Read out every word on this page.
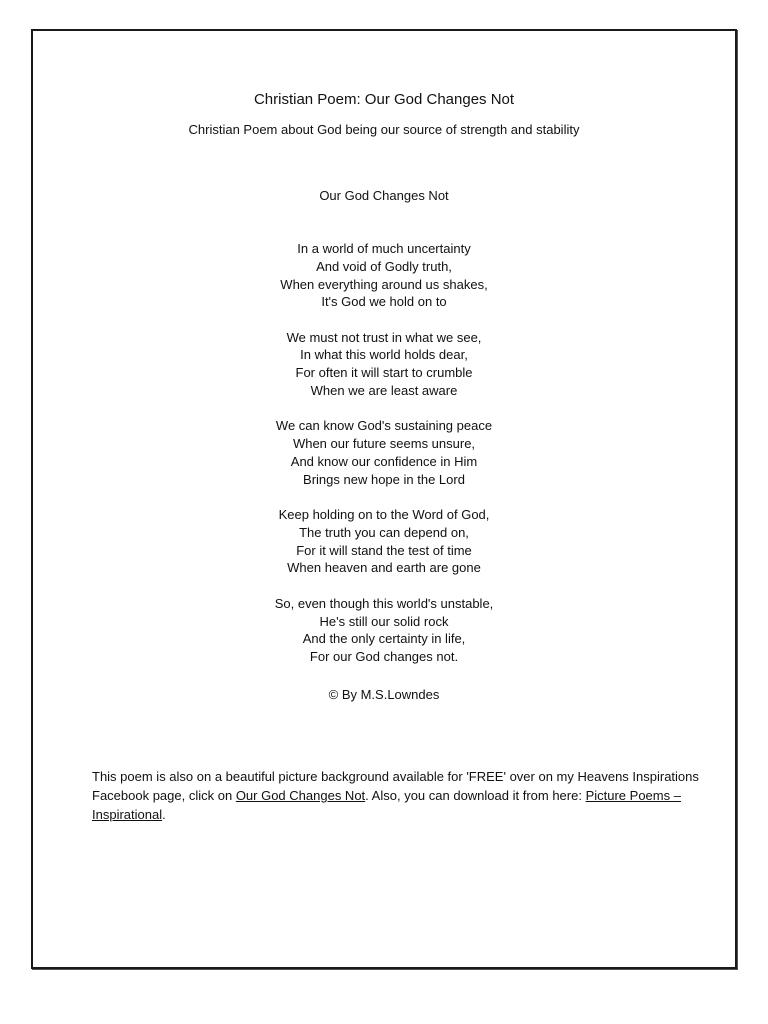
Christian Poem: Our God Changes Not
Christian Poem about God being our source of strength and stability
Our God Changes Not
In a world of much uncertainty
And void of Godly truth,
When everything around us shakes,
It's God we hold on to
We must not trust in what we see,
In what this world holds dear,
For often it will start to crumble
When we are least aware
We can know God's sustaining peace
When our future seems unsure,
And know our confidence in Him
Brings new hope in the Lord
Keep holding on to the Word of God,
The truth you can depend on,
For it will stand the test of time
When heaven and earth are gone
So, even though this world's unstable,
He's still our solid rock
And the only certainty in life,
For our God changes not.
© By M.S.Lowndes
This poem is also on a beautiful picture background available for 'FREE' over on my Heavens Inspirations Facebook page, click on Our God Changes Not. Also, you can download it from here: Picture Poems – Inspirational.
